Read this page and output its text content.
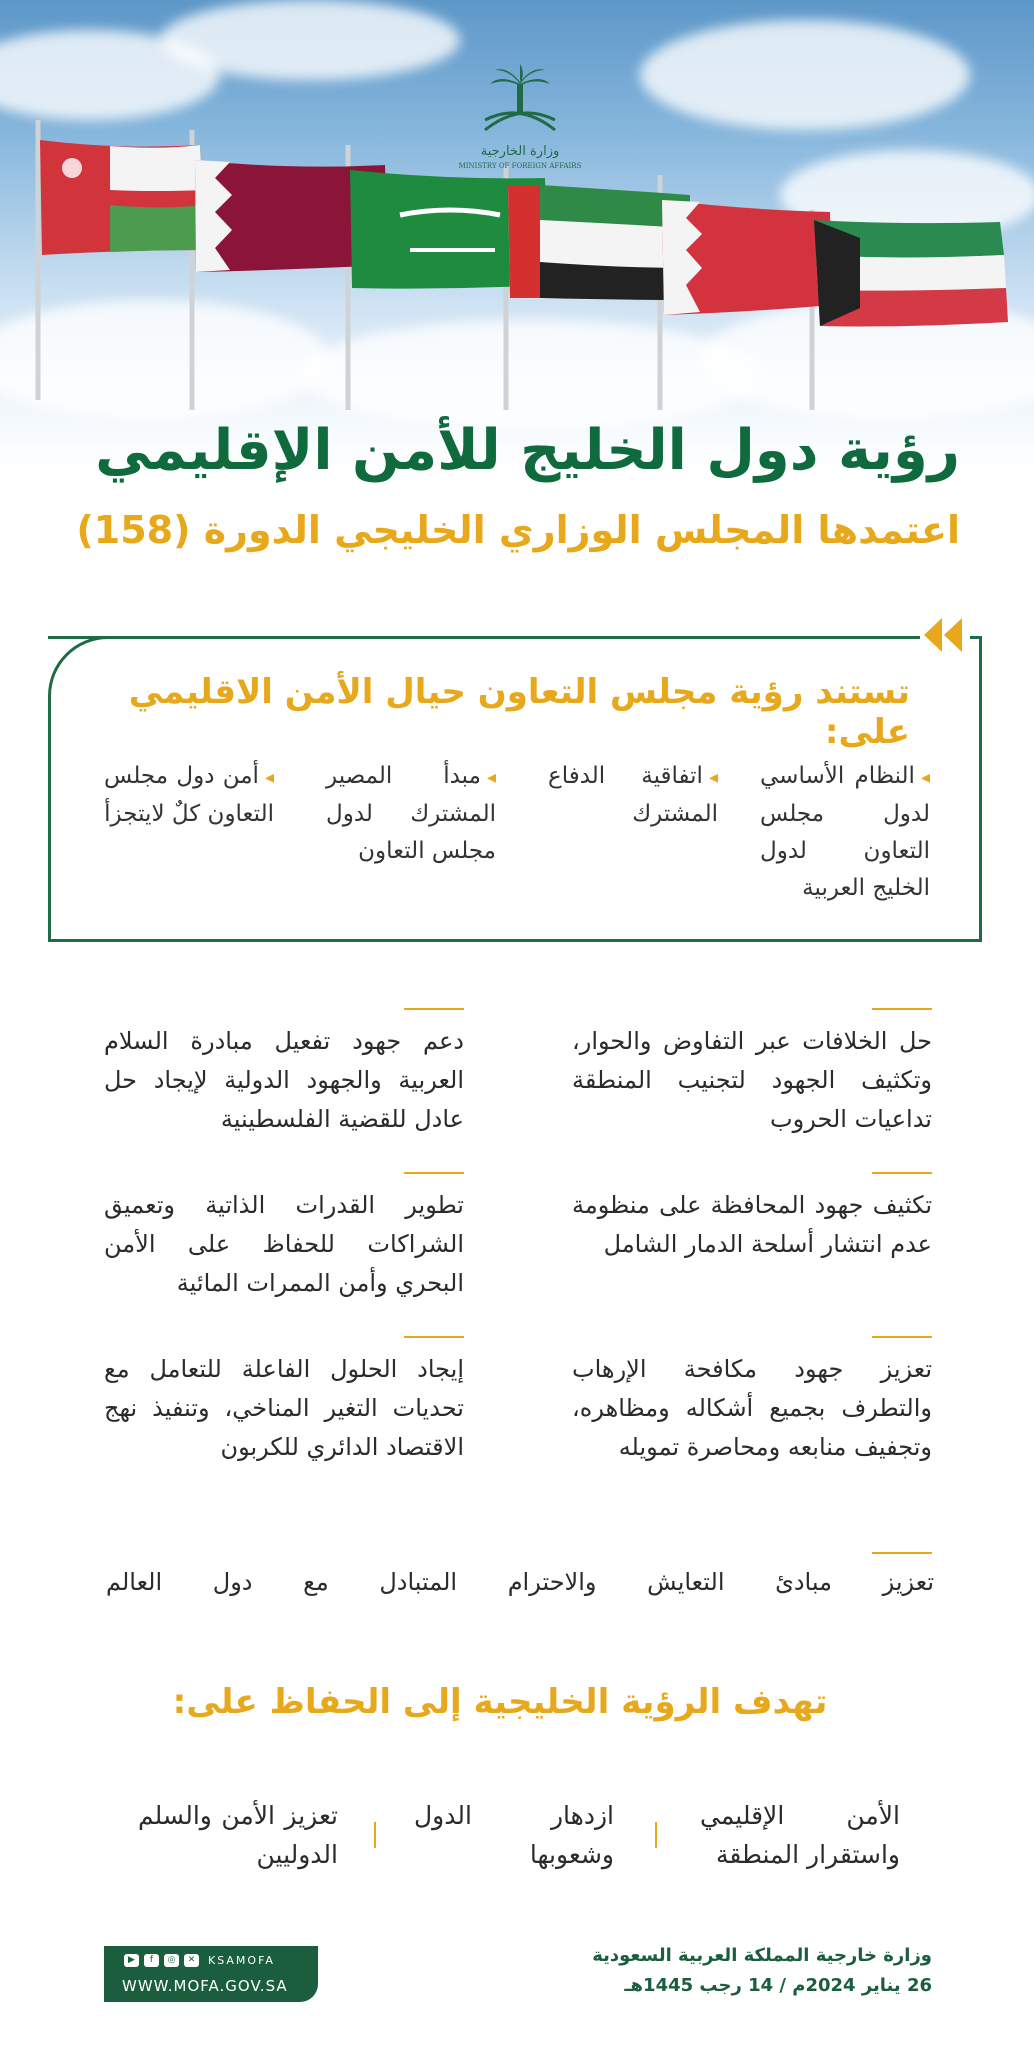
وزارة الخارجية
MINISTRY OF FOREIGN AFFAIRS
رؤية دول الخليج للأمن الإقليمي
اعتمدها المجلس الوزاري الخليجي الدورة (158)
تستند رؤية مجلس التعاون حيال الأمن الاقليمي على:
◂النظام الأساسي لدول مجلس التعاون لدول الخليج العربية
◂اتفاقية الدفاع المشترك
◂مبدأ المصير المشترك لدول مجلس التعاون
◂أمن دول مجلس التعاون كلٌ لايتجزأ
حل الخلافات عبر التفاوض والحوار، وتكثيف الجهود لتجنيب المنطقة تداعيات الحروب
دعم جهود تفعيل مبادرة السلام العربية والجهود الدولية لإيجاد حل عادل للقضية الفلسطينية
تكثيف جهود المحافظة على منظومة عدم انتشار أسلحة الدمار الشامل
تطوير القدرات الذاتية وتعميق الشراكات للحفاظ على الأمن البحري وأمن الممرات المائية
تعزيز جهود مكافحة الإرهاب والتطرف بجميع أشكاله ومظاهره، وتجفيف منابعه ومحاصرة تمويله
إيجاد الحلول الفاعلة للتعامل مع تحديات التغير المناخي، وتنفيذ نهج الاقتصاد الدائري للكربون
تعزيز مبادئ التعايش والاحترام المتبادل مع دول العالم
تهدف الرؤية الخليجية إلى الحفاظ على:
الأمن الإقليمي واستقرار المنطقة
ازدهار الدول وشعوبها
تعزيز الأمن والسلم الدوليين
▶	f	◎	✕	KSAMOFA
WWW.MOFA.GOV.SA
وزارة خارجية المملكة العربية السعودية
26 يناير 2024م / 14 رجب 1445هـ
